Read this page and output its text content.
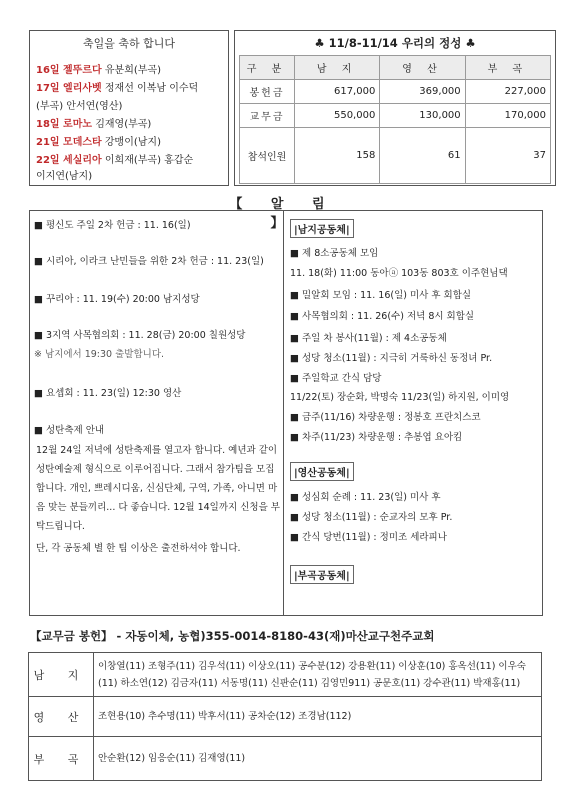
축일을 축하 합니다
16일 젤뚜르다 유분희(부곡)
17일 엘리사벳 정재선 이복남 이수덕
(부곡) 안서연(영산)
18일 로마노 김재영(부곡)
21일 모데스타 강맹이(남지)
22일 세실리아 이희재(부곡) 홍갑순
이지연(남지)
♣ 11/8-11/14 우리의 정성 ♣
구 분	남 지	영 산	부 곡
봉헌금	617,000	369,000	227,000
교무금	550,000	130,000	170,000
참석인원	158	61	37
【 알 림 】
■ 평신도 주일 2차 헌금 : 11. 16(일)
■ 시리아, 이라크 난민들을 위한 2차 헌금 : 11. 23(일)
■ 꾸리아 : 11. 19(수) 20:00 남지성당
■ 3지역 사목협의회 : 11. 28(금) 20:00 칠원성당
※ 남지에서 19:30 출발합니다.
■ 요셉회 : 11. 23(일) 12:30 영산
■ 성탄축제 안내
12월 24일 저녁에 성탄축제를 열고자 합니다. 예년과 같이 성탄예술제 형식으로 이루어집니다. 그래서 참가팀을 모집합니다. 개인, 쁘레시디움, 신심단체, 구역, 가족, 아니면 마음 맞는 분들끼리... 다 좋습니다. 12월 14일까지 신청을 부탁드립니다.
단, 각 공동체 별 한 팀 이상은 출전하셔야 합니다.
|남지공동체|
■ 제 8소공동체 모임
11. 18(화) 11:00 동아ⓐ 103동 803호 이주현님댁
■ 밀알회 모임 : 11. 16(일) 미사 후 회합실
■ 사목협의회 : 11. 26(수) 저녁 8시 회합실
■ 주일 차 봉사(11월) : 제 4소공동체
■ 성당 청소(11월) : 지극히 거룩하신 동정녀 Pr.
■ 주일학교 간식 담당
11/22(토) 장순화, 박명숙 11/23(일) 하지원, 이미영
■ 금주(11/16) 차량운행 : 정봉호 프란치스코
■ 차주(11/23) 차량운행 : 추봉엽 요아킴
|영산공동체|
■ 성심회 순례 : 11. 23(일) 미사 후
■ 성당 청소(11월) : 순교자의 모후 Pr.
■ 간식 당번(11월) : 정미조 세라피나
|부곡공동체|
【교무금 봉헌】 - 자동이체, 농협)355-0014-8180-43(재)마산교구천주교회
남 지	이창열(11) 조형주(11) 김우석(11) 이상오(11) 공수분(12) 강용환(11) 이상훈(10) 홍옥선(11) 이우숙(11) 하소연(12) 김금자(11) 서동명(11) 신판순(11) 김영민911) 공문호(11) 강수관(11) 박재홍(11)
영 산	조현용(10) 추수명(11) 박후서(11) 공차순(12) 조경남(112)
부 곡	안순환(12) 임응순(11) 김재영(11)
